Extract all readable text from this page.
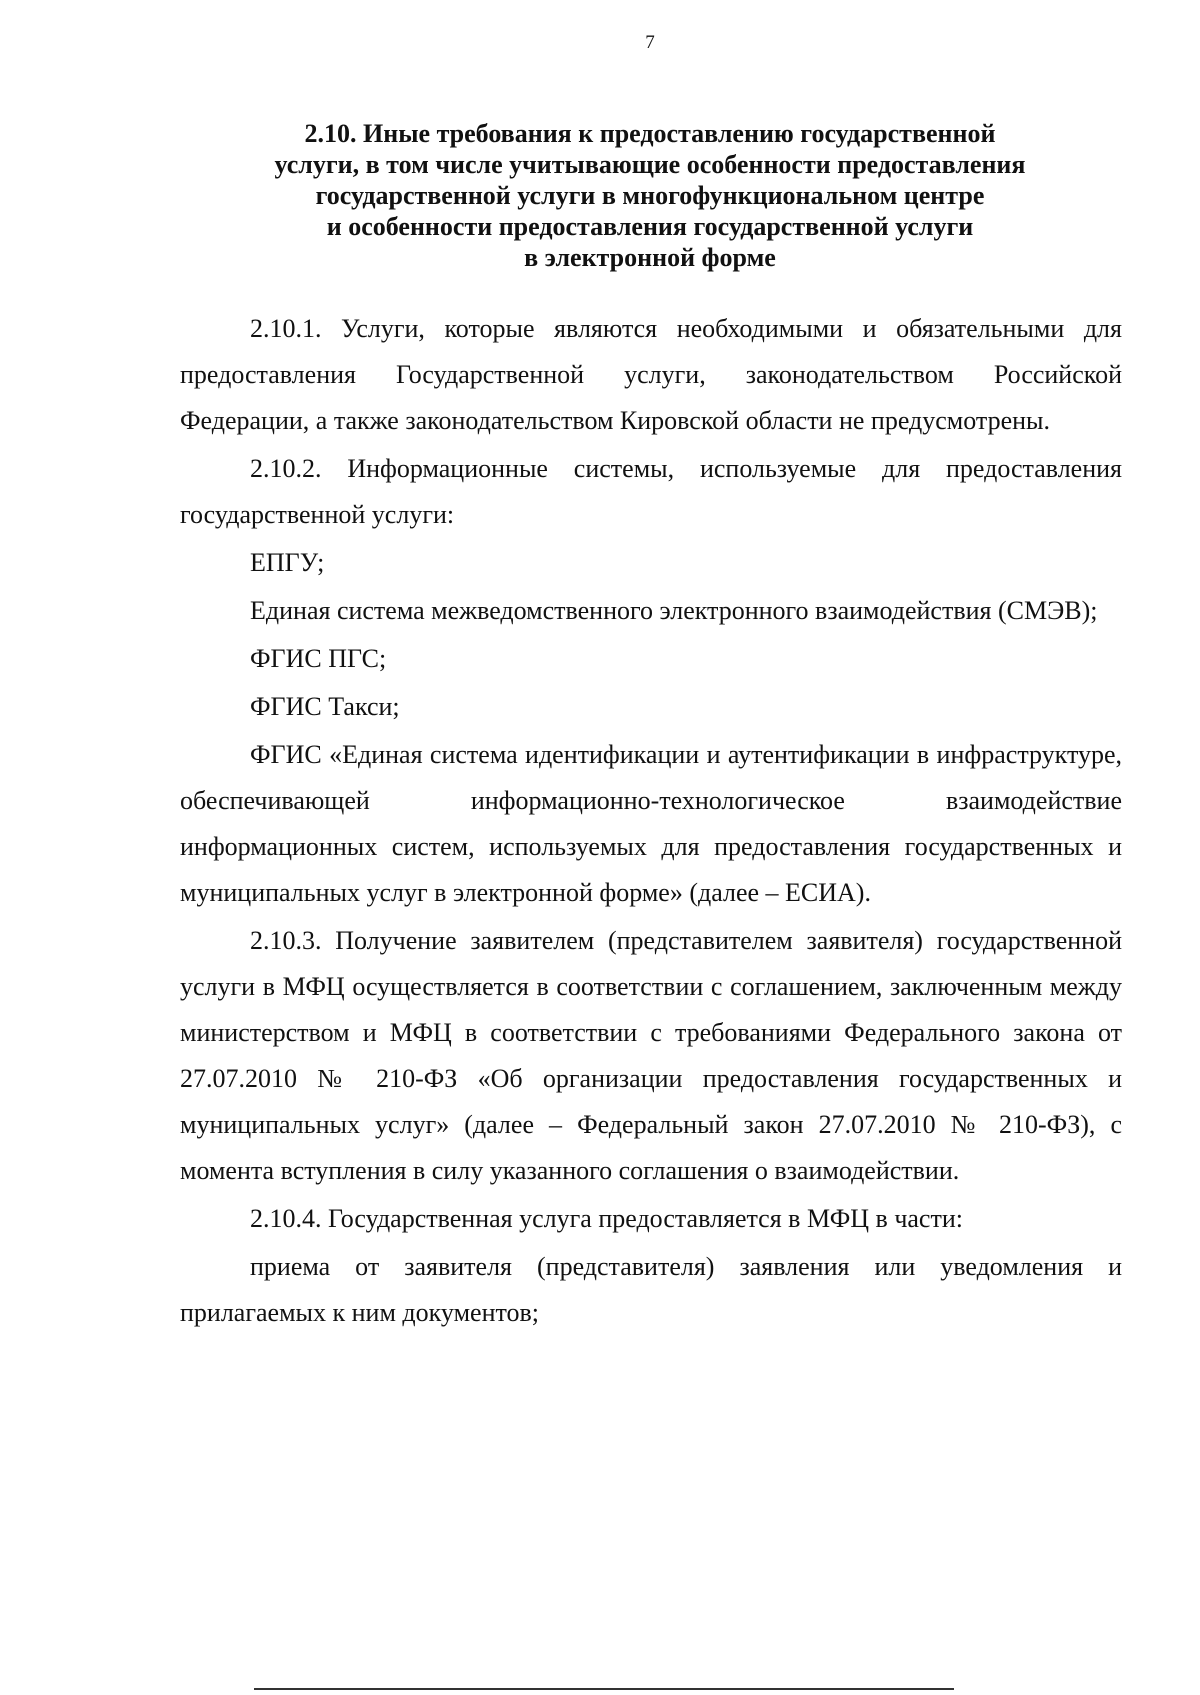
7
2.10. Иные требования к предоставлению государственной
услуги, в том числе учитывающие особенности предоставления
государственной услуги в многофункциональном центре
и особенности предоставления государственной услуги
в электронной форме

2.10.1. Услуги, которые являются необходимыми и обязательными для предоставления Государственной услуги, законодательством Российской Федерации, а также законодательством Кировской области не предусмотрены.

2.10.2. Информационные системы, используемые для предоставления государственной услуги:

ЕПГУ;

Единая система межведомственного электронного взаимодействия (СМЭВ);

ФГИС ПГС;

ФГИС Такси;

ФГИС «Единая система идентификации и аутентификации в инфраструктуре, обеспечивающей информационно-технологическое взаимодействие информационных систем, используемых для предоставления государственных и муниципальных услуг в электронной форме» (далее – ЕСИА).

2.10.3. Получение заявителем (представителем заявителя) государственной услуги в МФЦ осуществляется в соответствии с соглашением, заключенным между министерством и МФЦ в соответствии с требованиями Федерального закона от 27.07.2010 № 210-ФЗ «Об организации предоставления государственных и муниципальных услуг» (далее – Федеральный закон 27.07.2010 № 210-ФЗ), с момента вступления в силу указанного соглашения о взаимодействии.

2.10.4. Государственная услуга предоставляется в МФЦ в части:

приема от заявителя (представителя) заявления или уведомления и прилагаемых к ним документов;
